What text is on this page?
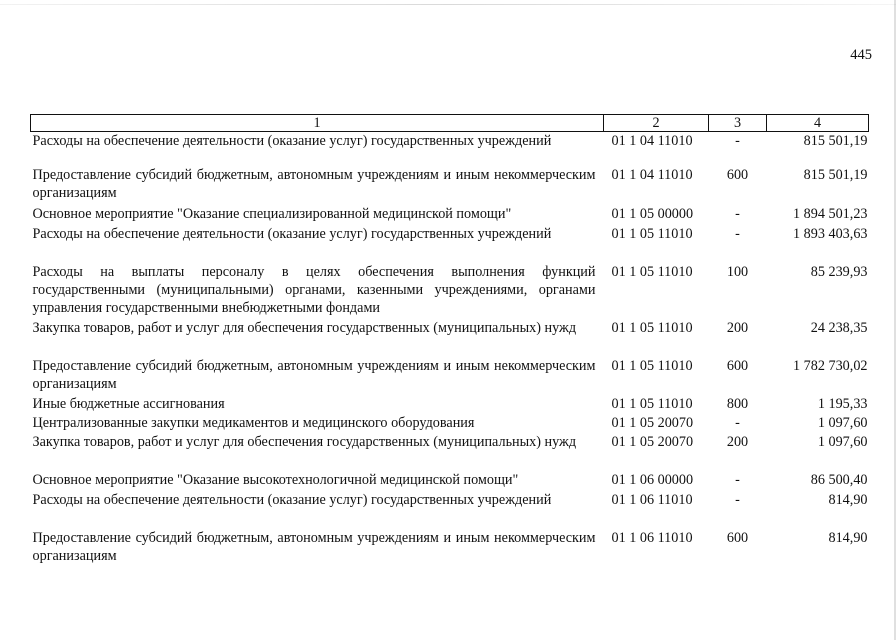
445
1	2	3	4
Расходы на обеспечение деятельности (оказание услуг) государственных учреждений	01 1 04 11010	-	815 501,19
Предоставление субсидий бюджетным, автономным учреждениям и иным некоммерческим организациям	01 1 04 11010	600	815 501,19
Основное мероприятие "Оказание специализированной медицинской помощи"	01 1 05 00000	-	1 894 501,23
Расходы на обеспечение деятельности (оказание услуг) государственных учреждений	01 1 05 11010	-	1 893 403,63
Расходы на выплаты персоналу в целях обеспечения выполнения функций государственными (муниципальными) органами, казенными учреждениями, органами управления государственными внебюджетными фондами	01 1 05 11010	100	85 239,93
Закупка товаров, работ и услуг для обеспечения государственных (муниципальных) нужд	01 1 05 11010	200	24 238,35
Предоставление субсидий бюджетным, автономным учреждениям и иным некоммерческим организациям	01 1 05 11010	600	1 782 730,02
Иные бюджетные ассигнования	01 1 05 11010	800	1 195,33
Централизованные закупки медикаментов и медицинского оборудования	01 1 05 20070	-	1 097,60
Закупка товаров, работ и услуг для обеспечения государственных (муниципальных) нужд	01 1 05 20070	200	1 097,60
Основное мероприятие "Оказание высокотехнологичной медицинской помощи"	01 1 06 00000	-	86 500,40
Расходы на обеспечение деятельности (оказание услуг) государственных учреждений	01 1 06 11010	-	814,90
Предоставление субсидий бюджетным, автономным учреждениям и иным некоммерческим организациям	01 1 06 11010	600	814,90
